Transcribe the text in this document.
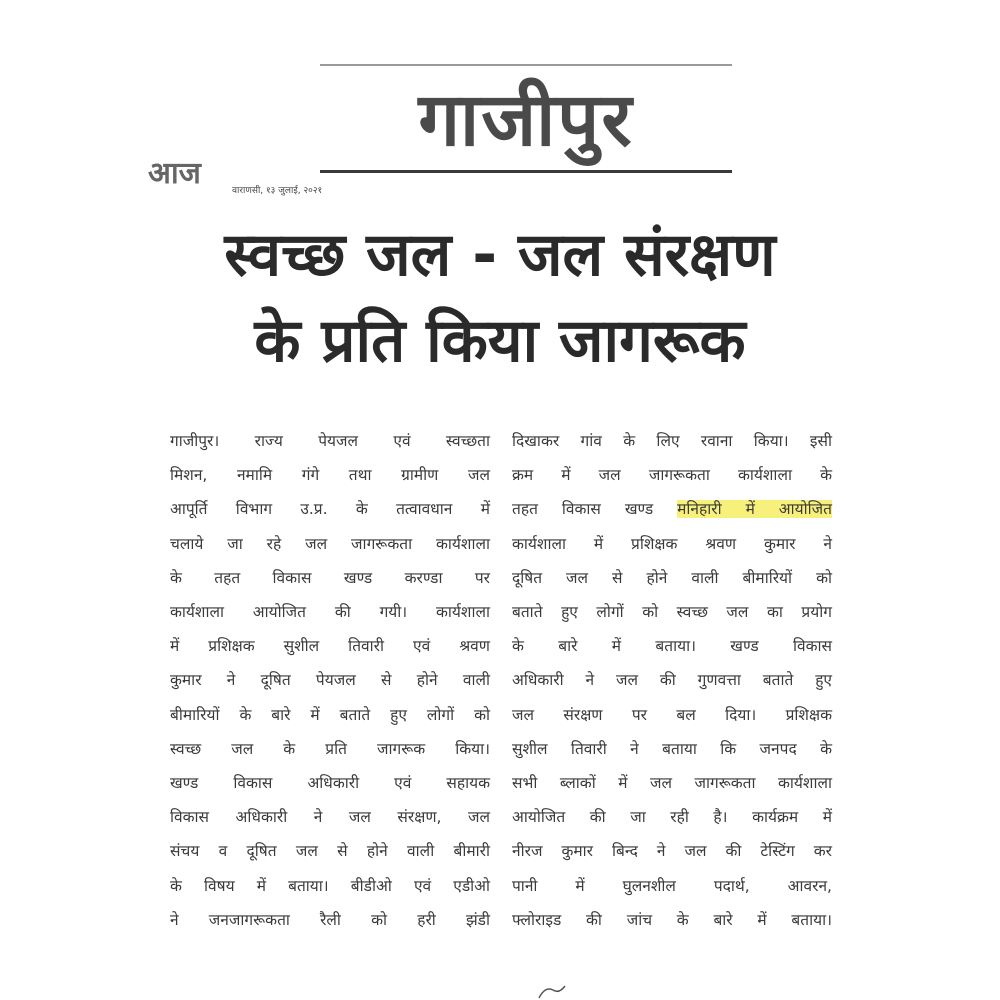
गाजीपुर
आज	वाराणसी, १३ जुलाई, २०२१
स्वच्छ जल - जल संरक्षण
के प्रति किया जागरूक
गाजीपुर। राज्य पेयजल एवं स्वच्छता
मिशन, नमामि गंगे तथा ग्रामीण जल
आपूर्ति विभाग उ.प्र. के तत्वावधान में
चलाये जा रहे जल जागरूकता कार्यशाला
के तहत विकास खण्ड करण्डा पर
कार्यशाला आयोजित की गयी। कार्यशाला
में प्रशिक्षक सुशील तिवारी एवं श्रवण
कुमार ने दूषित पेयजल से होने वाली
बीमारियों के बारे में बताते हुए लोगों को
स्वच्छ जल के प्रति जागरूक किया।
खण्ड विकास अधिकारी एवं सहायक
विकास अधिकारी ने जल संरक्षण, जल
संचय व दूषित जल से होने वाली बीमारी
के विषय में बताया। बीडीओ एवं एडीओ
ने जनजागरूकता रैली को हरी झंडी
दिखाकर गांव के लिए रवाना किया। इसी
क्रम में जल जागरूकता कार्यशाला के
तहत विकास खण्ड मनिहारी में आयोजित
कार्यशाला में प्रशिक्षक श्रवण कुमार ने
दूषित जल से होने वाली बीमारियों को
बताते हुए लोगों को स्वच्छ जल का प्रयोग
के बारे में बताया। खण्ड विकास
अधिकारी ने जल की गुणवत्ता बताते हुए
जल संरक्षण पर बल दिया। प्रशिक्षक
सुशील तिवारी ने बताया कि जनपद के
सभी ब्लाकों में जल जागरूकता कार्यशाला
आयोजित की जा रही है। कार्यक्रम में
नीरज कुमार बिन्द ने जल की टेस्टिंग कर
पानी में घुलनशील पदार्थ, आवरन,
फ्लोराइड की जांच के बारे में बताया।
